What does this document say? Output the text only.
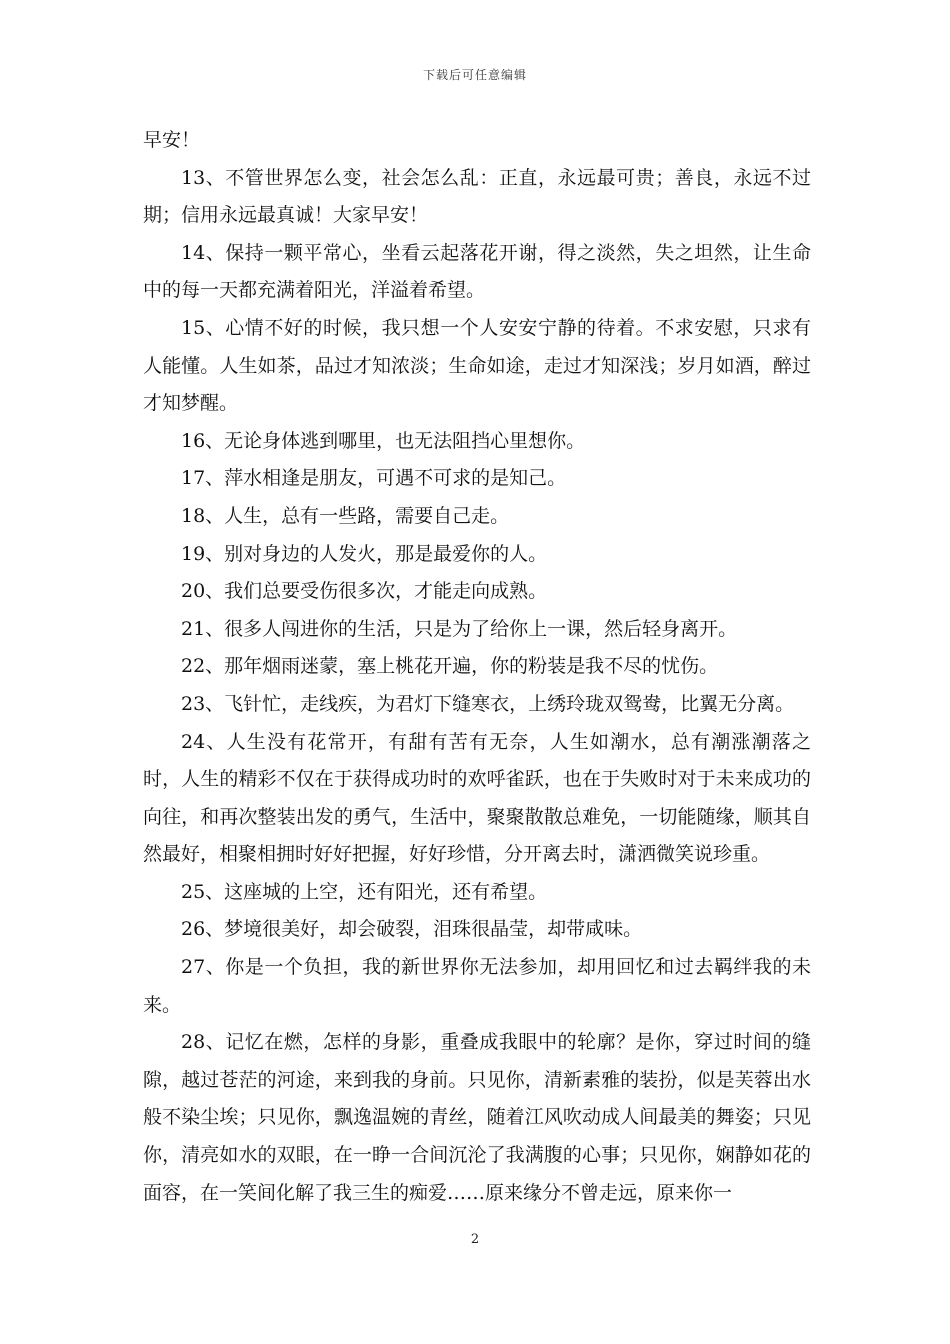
下载后可任意编辑

早安！

13、不管世界怎么变，社会怎么乱：正直，永远最可贵；善良，永远不过期；信用永远最真诚！大家早安！

14、保持一颗平常心，坐看云起落花开谢，得之淡然，失之坦然，让生命中的每一天都充满着阳光，洋溢着希望。

15、心情不好的时候，我只想一个人安安宁静的待着。不求安慰，只求有人能懂。人生如茶，品过才知浓淡；生命如途，走过才知深浅；岁月如酒，醉过才知梦醒。

16、无论身体逃到哪里，也无法阻挡心里想你。

17、萍水相逢是朋友，可遇不可求的是知己。

18、人生，总有一些路，需要自己走。

19、别对身边的人发火，那是最爱你的人。

20、我们总要受伤很多次，才能走向成熟。

21、很多人闯进你的生活，只是为了给你上一课，然后轻身离开。

22、那年烟雨迷蒙，塞上桃花开遍，你的粉装是我不尽的忧伤。

23、飞针忙，走线疾，为君灯下缝寒衣，上绣玲珑双鸳鸯，比翼无分离。

24、人生没有花常开，有甜有苦有无奈，人生如潮水，总有潮涨潮落之时，人生的精彩不仅在于获得成功时的欢呼雀跃，也在于失败时对于未来成功的向往，和再次整装出发的勇气，生活中，聚聚散散总难免，一切能随缘，顺其自然最好，相聚相拥时好好把握，好好珍惜，分开离去时，潇洒微笑说珍重。

25、这座城的上空，还有阳光，还有希望。

26、梦境很美好，却会破裂，泪珠很晶莹，却带咸味。

27、你是一个负担，我的新世界你无法参加，却用回忆和过去羁绊我的未来。

28、记忆在燃，怎样的身影，重叠成我眼中的轮廓？是你，穿过时间的缝隙，越过苍茫的河途，来到我的身前。只见你，清新素雅的装扮，似是芙蓉出水般不染尘埃；只见你，飘逸温婉的青丝，随着江风吹动成人间最美的舞姿；只见你，清亮如水的双眼，在一睁一合间沉沦了我满腹的心事；只见你，娴静如花的面容，在一笑间化解了我三生的痴爱……原来缘分不曾走远，原来你一

2
